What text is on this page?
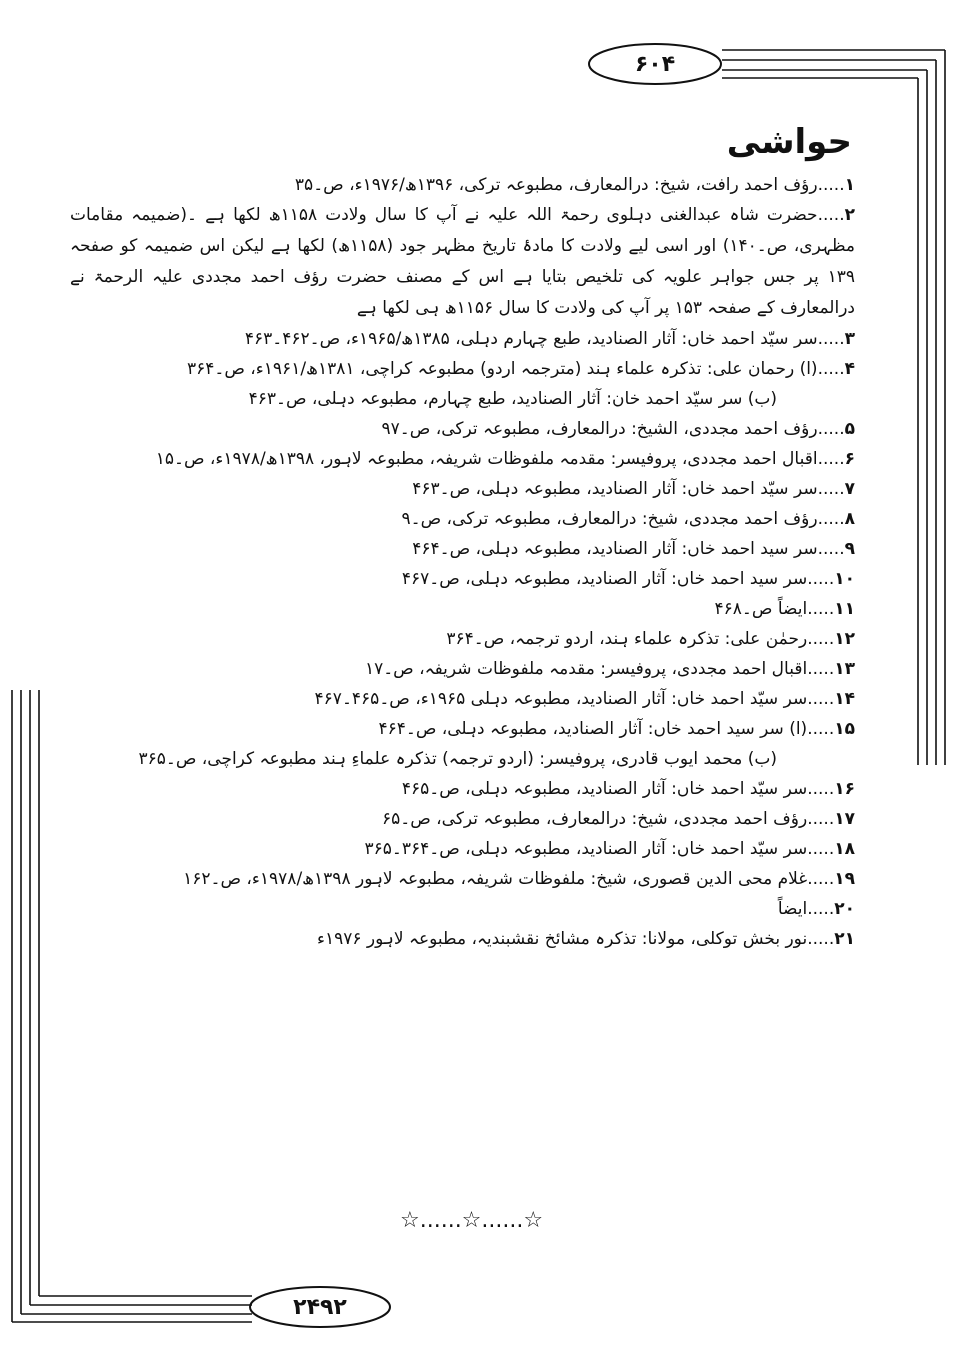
۶۰۴
۲۴۹۲
حواشی
۱.....رؤف احمد رافت، شیخ: درالمعارف، مطبوعہ ترکی، ۱۳۹۶ھ/۱۹۷۶ء، ص۔۳۵
۲.....حضرت شاہ عبدالغنی دہلوی رحمۃ اللہ علیہ نے آپ کا سال ولادت ۱۱۵۸ھ لکھا ہے ۔(ضمیمہ مقامات مظہری، ص۔۱۴۰) اور اسی لیے ولادت کا مادۂ تاریخ مظہر جود (۱۱۵۸ھ) لکھا ہے لیکن اس ضمیمہ کو صفحہ ۱۳۹ پر جس جواہر علویہ کی تلخیص بتایا ہے اس کے مصنف حضرت رؤف احمد مجددی علیہ الرحمۃ نے درالمعارف کے صفحہ ۱۵۳ پر آپ کی ولادت کا سال ۱۱۵۶ھ ہی لکھا ہے
۳.....سر سیّد احمد خاں: آثار الصنادید، طبع چہارم دہلی، ۱۳۸۵ھ/۱۹۶۵ء، ص۔۴۶۲۔۴۶۳
۴.....(ا) رحمان علی: تذکرہ علماء ہند (مترجمہ اردو) مطبوعہ کراچی، ۱۳۸۱ھ/۱۹۶۱ء، ص۔۳۶۴
(ب) سر سیّد احمد خان: آثار الصنادید، طبع چہارم، مطبوعہ دہلی، ص۔۴۶۳
۵.....رؤف احمد مجددی، الشیخ: درالمعارف، مطبوعہ ترکی، ص۔۹۷
۶.....اقبال احمد مجددی، پروفیسر: مقدمہ ملفوظات شریفہ، مطبوعہ لاہور، ۱۳۹۸ھ/۱۹۷۸ء، ص۔۱۵
۷.....سر سیّد احمد خاں: آثار الصنادید، مطبوعہ دہلی، ص۔۴۶۳
۸.....رؤف احمد مجددی، شیخ: درالمعارف، مطبوعہ ترکی، ص۔۹
۹.....سر سید احمد خاں: آثار الصنادید، مطبوعہ دہلی، ص۔۴۶۴
۱۰.....سر سید احمد خاں: آثار الصنادید، مطبوعہ دہلی، ص۔۴۶۷
۱۱.....ایضاً ص۔۴۶۸
۱۲.....رحمٰن علی: تذکرہ علماء ہند، اردو ترجمہ، ص۔۳۶۴
۱۳.....اقبال احمد مجددی، پروفیسر: مقدمہ ملفوظات شریفہ، ص۔۱۷
۱۴.....سر سیّد احمد خاں: آثار الصنادید، مطبوعہ دہلی ۱۹۶۵ء، ص۔۴۶۵۔۴۶۷
۱۵.....(ا) سر سید احمد خاں: آثار الصنادید، مطبوعہ دہلی، ص۔۴۶۴
(ب) محمد ایوب قادری، پروفیسر: (اردو ترجمہ) تذکرہ علماءِ ہند مطبوعہ کراچی، ص۔۳۶۵
۱۶.....سر سیّد احمد خاں: آثار الصنادید، مطبوعہ دہلی، ص۔۴۶۵
۱۷.....رؤف احمد مجددی، شیخ: درالمعارف، مطبوعہ ترکی، ص۔۶۵
۱۸.....سر سیّد احمد خاں: آثار الصنادید، مطبوعہ دہلی، ص۔۳۶۴۔۳۶۵
۱۹.....غلام محی الدین قصوری، شیخ: ملفوظات شریفہ، مطبوعہ لاہور ۱۳۹۸ھ/۱۹۷۸ء، ص۔۱۶۲
۲۰.....ایضاً
۲۱.....نور بخش توکلی، مولانا: تذکرہ مشائخ نقشبندیہ، مطبوعہ لاہور ۱۹۷۶ء
☆......☆......☆
